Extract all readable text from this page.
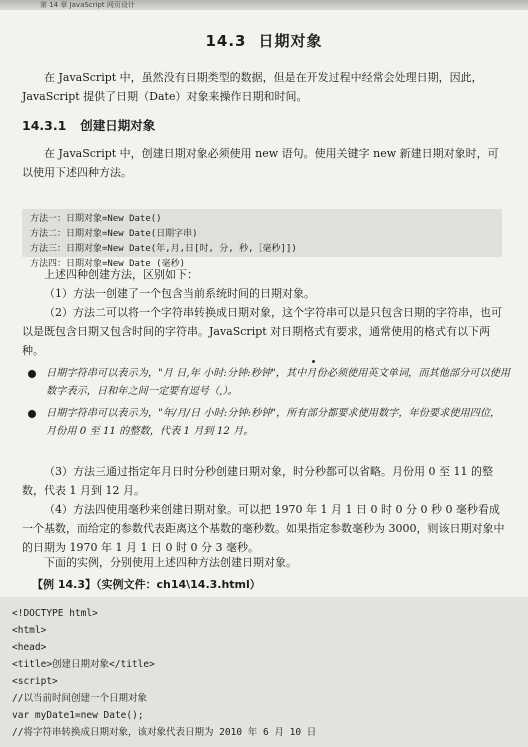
第 14 章 JavaScript 网页设计
14.3 日期对象
在 JavaScript 中，虽然没有日期类型的数据，但是在开发过程中经常会处理日期，因此，JavaScript 提供了日期（Date）对象来操作日期和时间。
14.3.1 创建日期对象
在 JavaScript 中，创建日期对象必须使用 new 语句。使用关键字 new 新建日期对象时，可以使用下述四种方法。
方法一：日期对象=New Date()
方法二：日期对象=New Date(日期字串)
方法三：日期对象=New Date(年,月,日[时, 分, 秒,［毫秒]])
方法四：日期对象=New Date (毫秒)
上述四种创建方法，区别如下：
（1）方法一创建了一个包含当前系统时间的日期对象。
（2）方法二可以将一个字符串转换成日期对象，这个字符串可以是只包含日期的字符串，也可以是既包含日期又包含时间的字符串。JavaScript 对日期格式有要求，通常使用的格式有以下两种。
日期字符串可以表示为，"月 日,年 小时:分钟:秒钟"，其中月份必须使用英文单词，而其他部分可以使用数字表示，日和年之间一定要有逗号（,）。
日期字符串可以表示为，"年/月/日 小时:分钟:秒钟"，所有部分都要求使用数字，年份要求使用四位，月份用 0 至 11 的整数，代表 1 月到 12 月。
（3）方法三通过指定年月日时分秒创建日期对象，时分秒都可以省略。月份用 0 至 11 的整数，代表 1 月到 12 月。
（4）方法四使用毫秒来创建日期对象。可以把 1970 年 1 月 1 日 0 时 0 分 0 秒 0 毫秒看成一个基数，而给定的参数代表距离这个基数的毫秒数。如果指定参数毫秒为 3000，则该日期对象中的日期为 1970 年 1 月 1 日 0 时 0 分 3 毫秒。
下面的实例，分别使用上述四种方法创建日期对象。
【例 14.3】（实例文件：ch14\14.3.html）
<!DOCTYPE html>
<html>
<head>
<title>创建日期对象</title>
<script>
//以当前时间创建一个日期对象
var myDate1=new Date();
//将字符串转换成日期对象，该对象代表日期为 2010 年 6 月 10 日
